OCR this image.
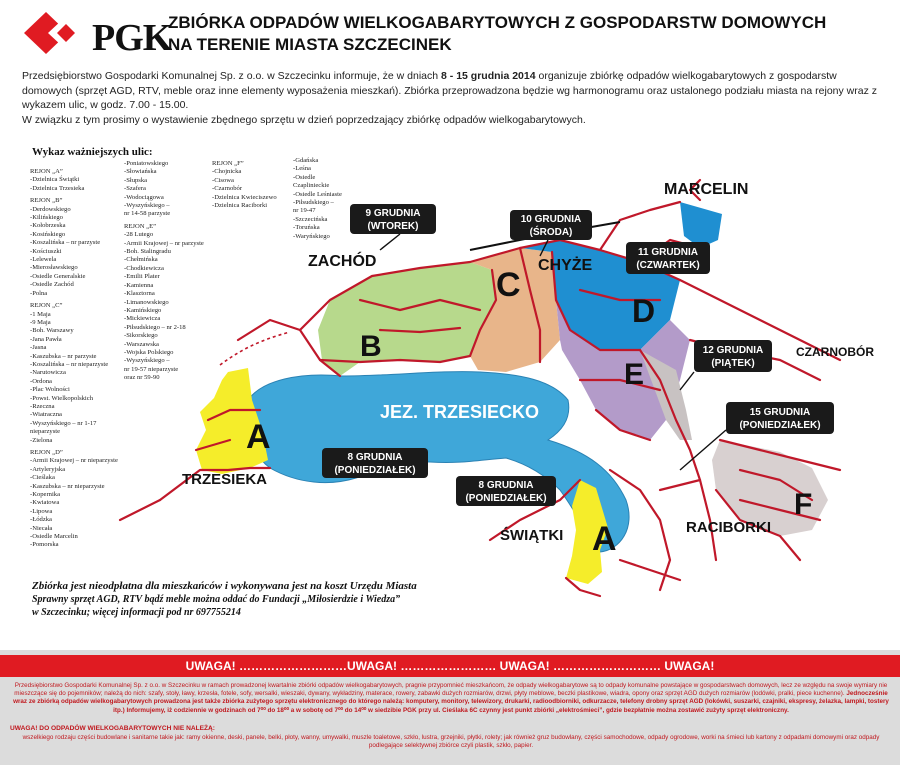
PGK
ZBIÓRKA ODPADÓW WIELKOGABARYTOWYCH Z GOSPODARSTW DOMOWYCH
NA TERENIE MIASTA SZCZECINEK
Przedsiębiorstwo Gospodarki Komunalnej Sp. z o.o. w Szczecinku informuje, że w dniach 8 - 15 grudnia 2014 organizuje zbiórkę odpadów wielkogabarytowych z gospodarstw domowych (sprzęt AGD, RTV, meble oraz inne elementy wyposażenia mieszkań). Zbiórka przeprowadzona będzie wg harmonogramu oraz ustalonego podziału miasta na rejony wraz z wykazem ulic, w godz. 7.00 - 15.00.
W związku z tym prosimy o wystawienie zbędnego sprzętu w dzień poprzedzający zbiórkę odpadów wielkogabarytowych.
Wykaz ważniejszych ulic:
REJON „A”
-Dzielnica Świątki
-Dzielnica Trzesieka

REJON „B”
-Derdowskiego
-Kilińskiego
-Kołobrzeska
-Kosińskiego
-Koszalińska – nr parzyste
-Kościuszki
-Lelewela
-Mierosławskiego
-Osiedle Generalskie
-Osiedle Zachód
-Polna

REJON „C”
-1 Maja
-9 Maja
-Boh. Warszawy
-Jana Pawła
-Jasna
-Kaszubska – nr parzyste
-Koszalińska – nr nieparzyste
-Narutowicza
-Ordona
-Plac Wolności
-Powst. Wielkopolskich
-Rzeczna
-Wiatraczna
-Wyszyńskiego – nr 1-17 nieparzyste
-Zielona

REJON „D”
-Armii Krajowej – nr nieparzyste
-Artyleryjska
-Cieślaka
-Kaszubska – nr nieparzyste
-Kopernika
-Kwiatowa
-Lipowa
-Łódzka
-Niecała
-Osiedle Marcelin
-Pomorska
-Poniatowskiego
-Słowiańska
-Słupska
-Szafera
-Wodociągowa
-Wyszyńskiego –
nr 14-58 parzyste

REJON „E”
-28 Lutego
-Armii Krajowej – nr parzyste
-Boh. Stalingradu
-Chełmińska
-Chodkiewicza
-Emilii Plater
-Kamienna
-Klasztorna
-Limanowskiego
-Kamińskiego
-Mickiewicza
-Piłsudskiego – nr 2-18
-Sikorskiego
-Warszawska
-Wojska Polskiego
-Wyszyńskiego –
nr 19-57 nieparzyste
oraz nr 59-90
REJON „F”
-Chojnicka
-Cisowa
-Czarnobór
-Dzielnica Kwieciszewo
-Dzielnica Raciborki
-Gdańska
-Leśna
-Osiedle Czaplinieckie
-Osiedle Leśniaste
-Piłsudskiego –
nr 19-47
-Szczecińska
-Toruńska
-Waryńskiego
JEZ. TRZESIECKO
MARCELIN
ZACHÓD	CHYŻE
CZARNOBÓR
TRZESIEKA
ŚWIĄTKI	RACIBORKI
A
B
C
D
E
F
A
9 GRUDNIA
(WTOREK)
10 GRUDNIA
(ŚRODA)
11 GRUDNIA
(CZWARTEK)
12 GRUDNIA
(PIĄTEK)
15 GRUDNIA
(PONIEDZIAŁEK)
8 GRUDNIA
(PONIEDZIAŁEK)
8 GRUDNIA
(PONIEDZIAŁEK)
Zbiórka jest nieodpłatna dla mieszkańców i wykonywana jest na koszt Urzędu Miasta
Sprawny sprzęt AGD, RTV bądź meble można oddać do Fundacji „Miłosierdzie i Wiedza”
w Szczecinku; więcej informacji pod nr 697755214
UWAGA! ………………………UWAGA! …………………… UWAGA! ……………………… UWAGA!
Przedsiębiorstwo Gospodarki Komunalnej Sp. z o.o. w Szczecinku w ramach prowadzonej kwartalnie zbiórki odpadów wielkogabarytowych, pragnie przypomnieć mieszkańcom, że odpady wielkogabarytowe są to odpady komunalne powstające w gospodarstwach domowych, lecz ze względu na swoje wymiary nie mieszczące się do pojemników; należą do nich: szafy, stoły, ławy, krzesła, fotele, sofy, wersalki, wieszaki, dywany, wykładziny, materace, rowery, zabawki dużych rozmiarów, drzwi, płyty meblowe, beczki plastikowe, wiadra, opony oraz sprzęt AGD dużych rozmiarów (lodówki, pralki, piece kuchenne). Jednocześnie wraz ze zbiórką odpadów wielkogabarytowych prowadzona jest także zbiórka zużytego sprzętu elektronicznego do którego należą: komputery, monitory, telewizory, drukarki, radioodbiorniki, odkurzacze, telefony drobny sprzęt AGD (lokówki, suszarki, czajniki, ekspresy, żelazka, lampki, tostery itp.) Informujemy, iż codziennie w godzinach od 7⁰⁰ do 18⁰⁰ a w sobotę od 7⁰⁰ do 14⁰⁰ w siedzibie PGK przy ul. Cieślaka 6C czynny jest punkt zbiórki „elektrośmieci”, gdzie bezpłatnie można zostawić zużyty sprzęt elektroniczny.
UWAGA! DO ODPADÓW WIELKOGABARYTOWYCH NIE NALEŻĄ:
wszelkiego rodzaju części budowlane i sanitarne takie jak: ramy okienne, deski, panele, belki, płoty, wanny, umywalki, muszle toaletowe, szkło, lustra, grzejniki, płytki, rolety; jak również gruz budowlany, części samochodowe, odpady ogrodowe, worki na śmieci lub kartony z odpadami domowymi oraz odpady podlegające selektywnej zbiórce czyli plastik, szkło, papier.
